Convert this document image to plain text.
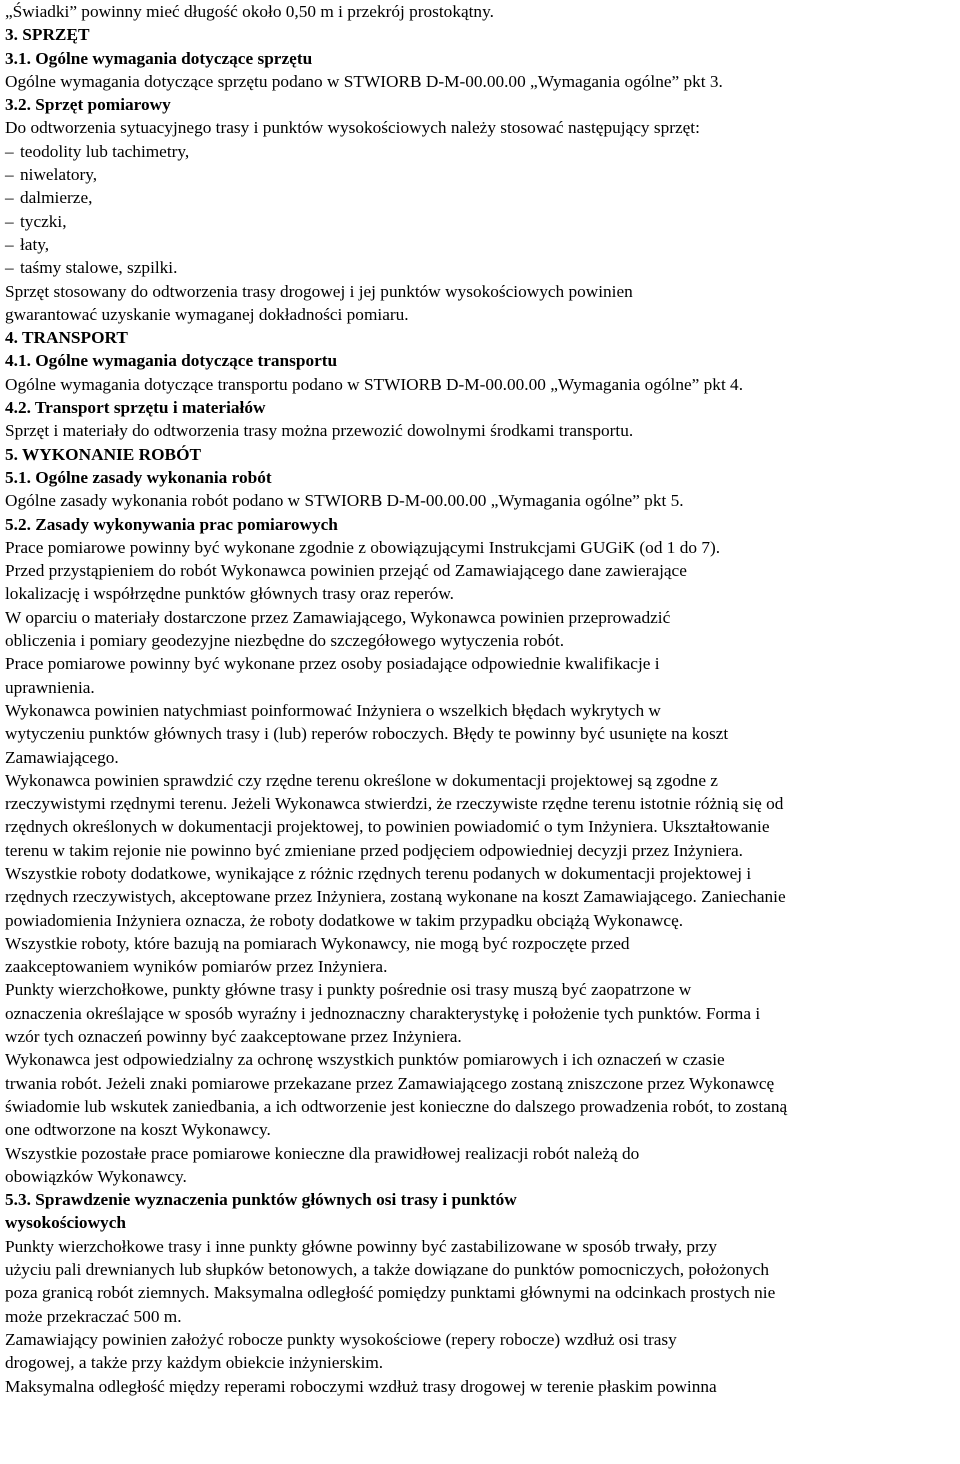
„Świadki” powinny mieć długość około 0,50 m i przekrój prostokątny.
3. SPRZĘT
3.1. Ogólne wymagania dotyczące sprzętu
Ogólne wymagania dotyczące sprzętu podano w STWIORB D-M-00.00.00 „Wymagania ogólne” pkt 3.
3.2. Sprzęt pomiarowy
Do odtworzenia sytuacyjnego trasy i punktów wysokościowych należy stosować następujący sprzęt:
– teodolity lub tachimetry,
– niwelatory,
– dalmierze,
– tyczki,
– łaty,
– taśmy stalowe, szpilki.
Sprzęt stosowany do odtworzenia trasy drogowej i jej punktów wysokościowych powinien
gwarantować uzyskanie wymaganej dokładności pomiaru.
4. TRANSPORT
4.1. Ogólne wymagania dotyczące transportu
Ogólne wymagania dotyczące transportu podano w STWIORB D-M-00.00.00 „Wymagania ogólne” pkt 4.
4.2. Transport sprzętu i materiałów
Sprzęt i materiały do odtworzenia trasy można przewozić dowolnymi środkami transportu.
5. WYKONANIE ROBÓT
5.1. Ogólne zasady wykonania robót
Ogólne zasady wykonania robót podano w STWIORB D-M-00.00.00 „Wymagania ogólne” pkt 5.
5.2. Zasady wykonywania prac pomiarowych
Prace pomiarowe powinny być wykonane zgodnie z obowiązującymi Instrukcjami GUGiK (od 1 do 7).
Przed przystąpieniem do robót Wykonawca powinien przejąć od Zamawiającego dane zawierające
lokalizację i współrzędne punktów głównych trasy oraz reperów.
W oparciu o materiały dostarczone przez Zamawiającego, Wykonawca powinien przeprowadzić
obliczenia i pomiary geodezyjne niezbędne do szczegółowego wytyczenia robót.
Prace pomiarowe powinny być wykonane przez osoby posiadające odpowiednie kwalifikacje i
uprawnienia.
Wykonawca powinien natychmiast poinformować Inżyniera o wszelkich błędach wykrytych w
wytyczeniu punktów głównych trasy i (lub) reperów roboczych. Błędy te powinny być usunięte na koszt
Zamawiającego.
Wykonawca powinien sprawdzić czy rzędne terenu określone w dokumentacji projektowej są zgodne z
rzeczywistymi rzędnymi terenu. Jeżeli Wykonawca stwierdzi, że rzeczywiste rzędne terenu istotnie różnią się od
rzędnych określonych w dokumentacji projektowej, to powinien powiadomić o tym Inżyniera. Ukształtowanie
terenu w takim rejonie nie powinno być zmieniane przed podjęciem odpowiedniej decyzji przez Inżyniera.
Wszystkie roboty dodatkowe, wynikające z różnic rzędnych terenu podanych w dokumentacji projektowej i
rzędnych rzeczywistych, akceptowane przez Inżyniera, zostaną wykonane na koszt Zamawiającego. Zaniechanie
powiadomienia Inżyniera oznacza, że roboty dodatkowe w takim przypadku obciążą Wykonawcę.
Wszystkie roboty, które bazują na pomiarach Wykonawcy, nie mogą być rozpoczęte przed
zaakceptowaniem wyników pomiarów przez Inżyniera.
Punkty wierzchołkowe, punkty główne trasy i punkty pośrednie osi trasy muszą być zaopatrzone w
oznaczenia określające w sposób wyraźny i jednoznaczny charakterystykę i położenie tych punktów. Forma i
wzór tych oznaczeń powinny być zaakceptowane przez Inżyniera.
Wykonawca jest odpowiedzialny za ochronę wszystkich punktów pomiarowych i ich oznaczeń w czasie
trwania robót. Jeżeli znaki pomiarowe przekazane przez Zamawiającego zostaną zniszczone przez Wykonawcę
świadomie lub wskutek zaniedbania, a ich odtworzenie jest konieczne do dalszego prowadzenia robót, to zostaną
one odtworzone na koszt Wykonawcy.
Wszystkie pozostałe prace pomiarowe konieczne dla prawidłowej realizacji robót należą do
obowiązków Wykonawcy.
5.3. Sprawdzenie wyznaczenia punktów głównych osi trasy i punktów
wysokościowych
Punkty wierzchołkowe trasy i inne punkty główne powinny być zastabilizowane w sposób trwały, przy
użyciu pali drewnianych lub słupków betonowych, a także dowiązane do punktów pomocniczych, położonych
poza granicą robót ziemnych. Maksymalna odległość pomiędzy punktami głównymi na odcinkach prostych nie
może przekraczać 500 m.
Zamawiający powinien założyć robocze punkty wysokościowe (repery robocze) wzdłuż osi trasy
drogowej, a także przy każdym obiekcie inżynierskim.
Maksymalna odległość między reperami roboczymi wzdłuż trasy drogowej w terenie płaskim powinna
